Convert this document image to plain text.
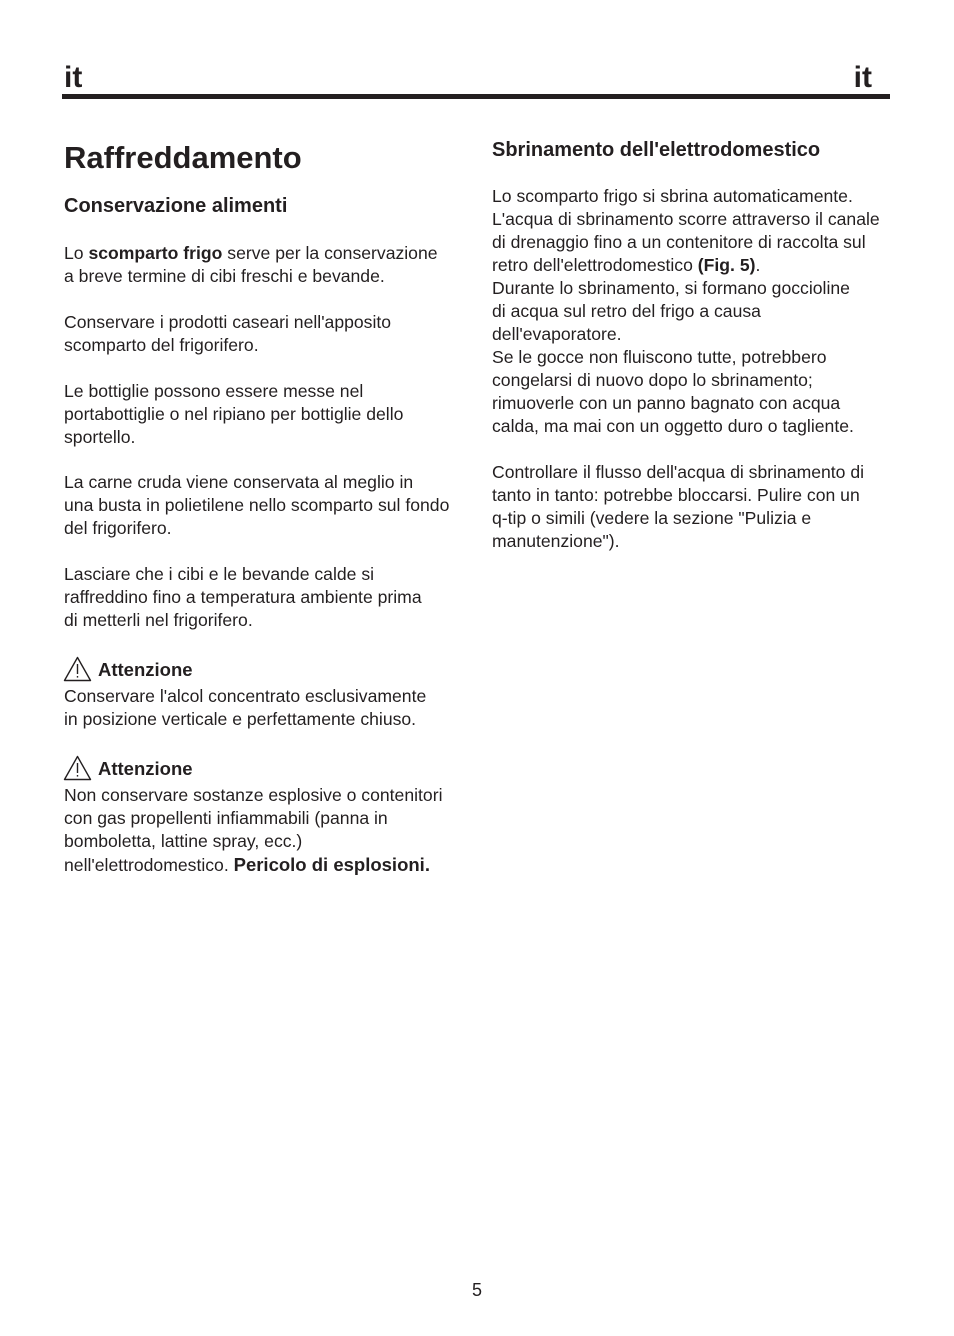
it	it
Raffreddamento
Conservazione alimenti

Lo scomparto frigo serve per la conservazione
a breve termine di cibi freschi e bevande.

Conservare i prodotti caseari nell'apposito
scomparto del frigorifero.

Le bottiglie possono essere messe nel
portabottiglie o nel ripiano per bottiglie dello
sportello.

La carne cruda viene conservata al meglio in
una busta in polietilene nello scomparto sul fondo
del frigorifero.

Lasciare che i cibi e le bevande calde si
raffreddino fino a temperatura ambiente prima
di metterli nel frigorifero.

Attenzione

Conservare l'alcol concentrato esclusivamente
in posizione verticale e perfettamente chiuso.

Attenzione

Non conservare sostanze esplosive o contenitori
con gas propellenti infiammabili (panna in
bomboletta, lattine spray, ecc.)
nell'elettrodomestico. Pericolo di esplosioni.

Sbrinamento dell'elettrodomestico

Lo scomparto frigo si sbrina automaticamente.
L'acqua di sbrinamento scorre attraverso il canale
di drenaggio fino a un contenitore di raccolta sul
retro dell'elettrodomestico (Fig. 5).
Durante lo sbrinamento, si formano goccioline
di acqua sul retro del frigo a causa
dell'evaporatore.
Se le gocce non fluiscono tutte, potrebbero
congelarsi di nuovo dopo lo sbrinamento;
rimuoverle con un panno bagnato con acqua
calda, ma mai con un oggetto duro o tagliente.

Controllare il flusso dell'acqua di sbrinamento di
tanto in tanto: potrebbe bloccarsi. Pulire con un
q-tip o simili (vedere la sezione "Pulizia e
manutenzione").

5
